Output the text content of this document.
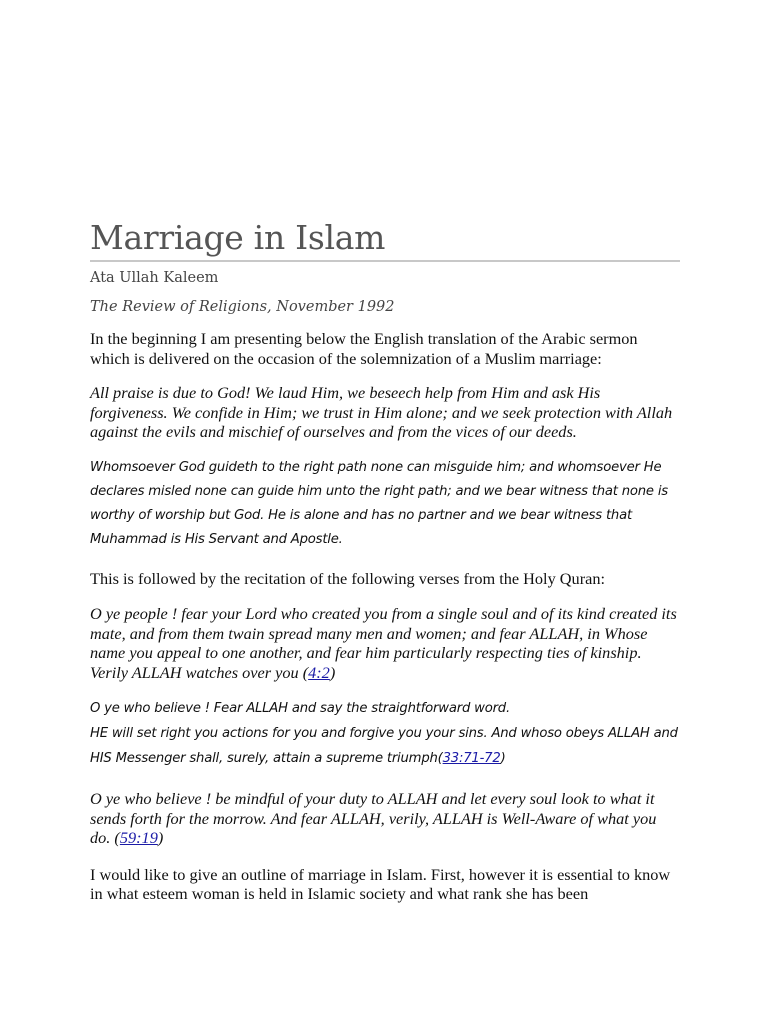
Marriage in Islam
Ata Ullah Kaleem
The Review of Religions, November 1992

In the beginning I am presenting below the English translation of the Arabic sermon which is delivered on the occasion of the solemnization of a Muslim marriage:

All praise is due to God! We laud Him, we beseech help from Him and ask His forgiveness. We confide in Him; we trust in Him alone; and we seek protection with Allah against the evils and mischief of ourselves and from the vices of our deeds.

Whomsoever God guideth to the right path none can misguide him; and whomsoever He declares misled none can guide him unto the right path; and we bear witness that none is worthy of worship but God. He is alone and has no partner and we bear witness that Muhammad is His Servant and Apostle.

This is followed by the recitation of the following verses from the Holy Quran:

O ye people ! fear your Lord who created you from a single soul and of its kind created its mate, and from them twain spread many men and women; and fear ALLAH, in Whose name you appeal to one another, and fear him particularly respecting ties of kinship. Verily ALLAH watches over you (4:2)

O ye who believe ! Fear ALLAH and say the straightforward word.

HE will set right you actions for you and forgive you your sins. And whoso obeys ALLAH and HIS Messenger shall, surely, attain a supreme triumph(33:71-72)

O ye who believe ! be mindful of your duty to ALLAH and let every soul look to what it sends forth for the morrow. And fear ALLAH, verily, ALLAH is Well-Aware of what you do. (59:19)

I would like to give an outline of marriage in Islam. First, however it is essential to know in what esteem woman is held in Islamic society and what rank she has been
